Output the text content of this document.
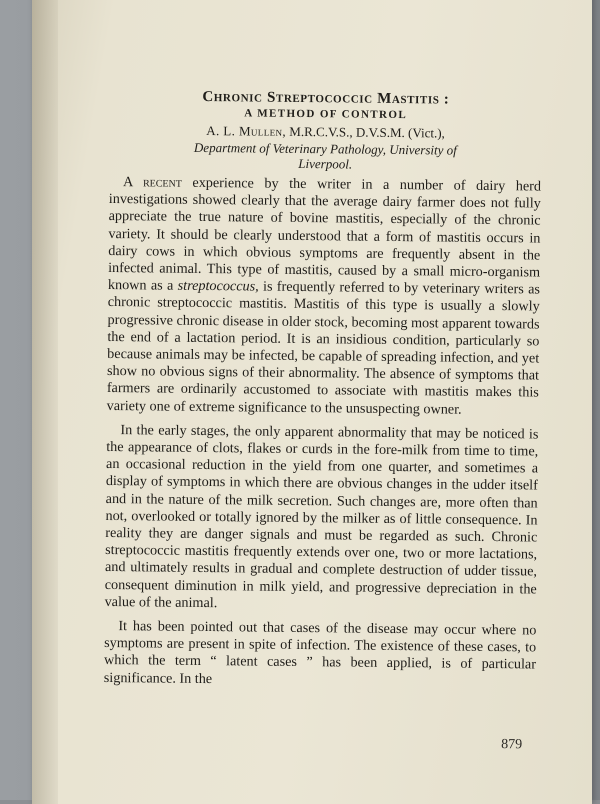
Chronic Streptococcic Mastitis :
A METHOD OF CONTROL
A. L. Mullen, M.R.C.V.S., D.V.S.M. (Vict.),
Department of Veterinary Pathology, University of
Liverpool.

A recent experience by the writer in a number of dairy herd investigations showed clearly that the average dairy farmer does not fully appreciate the true nature of bovine mastitis, especially of the chronic variety. It should be clearly understood that a form of mastitis occurs in dairy cows in which obvious symptoms are frequently absent in the infected animal. This type of mastitis, caused by a small micro-organism known as a streptococcus, is frequently referred to by veterinary writers as chronic streptococcic mastitis. Mastitis of this type is usually a slowly progressive chronic disease in older stock, becoming most apparent towards the end of a lactation period. It is an insidious condition, particularly so because animals may be infected, be capable of spreading infection, and yet show no obvious signs of their abnormality. The absence of symptoms that farmers are ordinarily accustomed to associate with mastitis makes this variety one of extreme significance to the unsuspecting owner.

In the early stages, the only apparent abnormality that may be noticed is the appearance of clots, flakes or curds in the fore-milk from time to time, an occasional reduction in the yield from one quarter, and sometimes a display of symptoms in which there are obvious changes in the udder itself and in the nature of the milk secretion. Such changes are, more often than not, overlooked or totally ignored by the milker as of little consequence. In reality they are danger signals and must be regarded as such. Chronic streptococcic mastitis frequently extends over one, two or more lactations, and ultimately results in gradual and complete destruction of udder tissue, consequent diminution in milk yield, and progressive depreciation in the value of the animal.

It has been pointed out that cases of the disease may occur where no symptoms are present in spite of infection. The existence of these cases, to which the term “ latent cases ” has been applied, is of particular significance. In the

879
